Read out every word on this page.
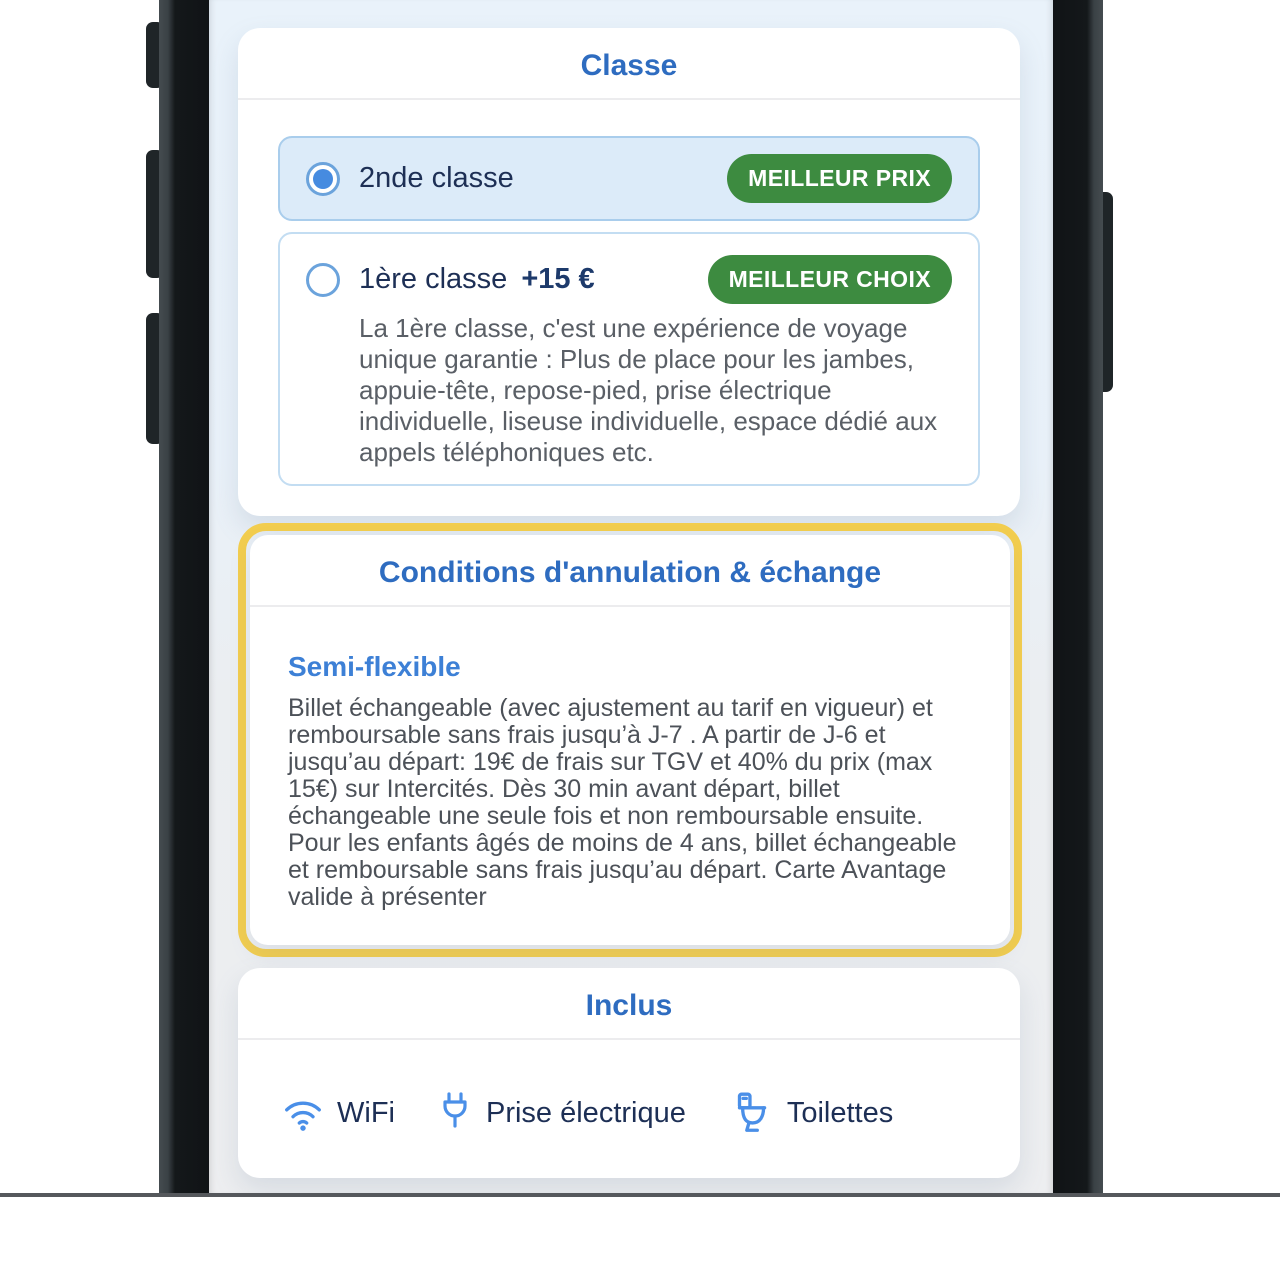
Classe
2nde classe	MEILLEUR PRIX
1ère classe +15 €	MEILLEUR CHOIX

La 1ère classe, c'est une expérience de voyage unique garantie : Plus de place pour les jambes, appuie-tête, repose-pied, prise électrique individuelle, liseuse individuelle, espace dédié aux appels téléphoniques etc.

Conditions d'annulation & échange
Semi-flexible

Billet échangeable (avec ajustement au tarif en vigueur) et remboursable sans frais jusqu’à J-7 . A partir de J-6 et jusqu’au départ: 19€ de frais sur TGV et 40% du prix (max 15€) sur Intercités. Dès 30 min avant départ, billet échangeable une seule fois et non remboursable ensuite. Pour les enfants âgés de moins de 4 ans, billet échangeable et remboursable sans frais jusqu’au départ. Carte Avantage valide à présenter

Inclus
WiFi	Prise électrique	Toilettes
